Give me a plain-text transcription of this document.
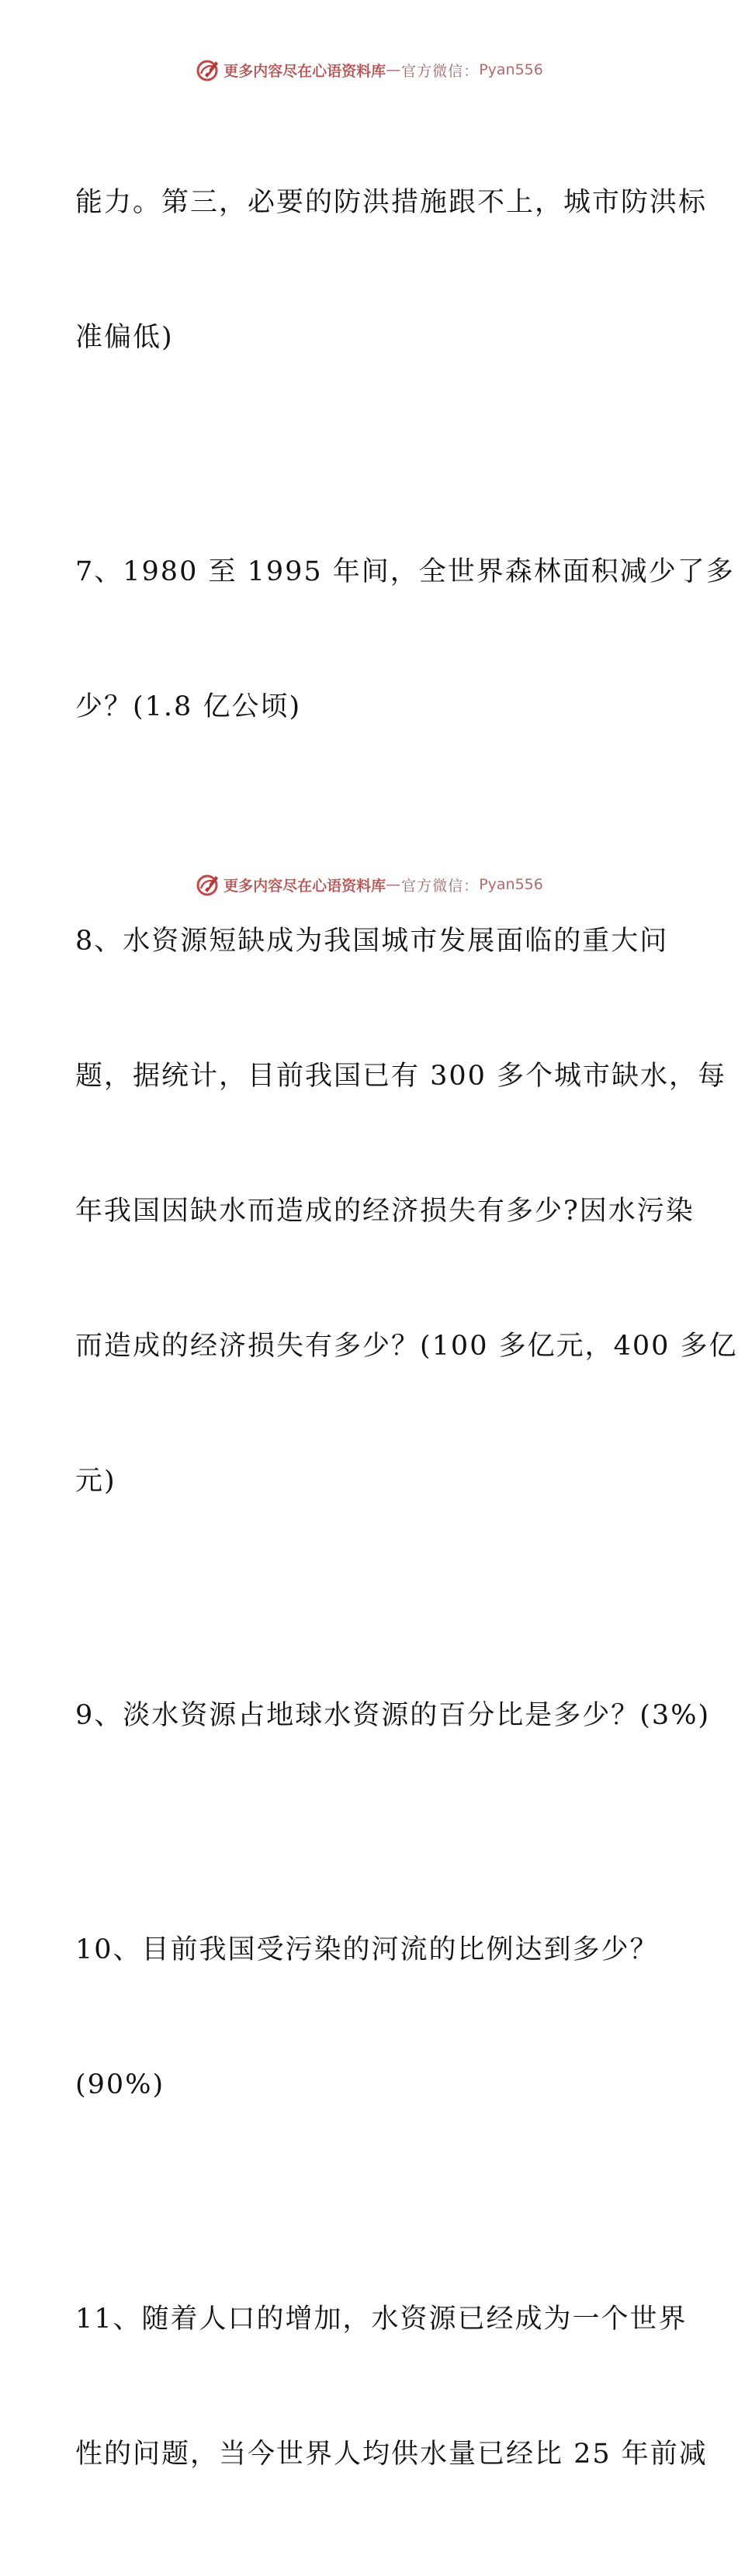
更多内容尽在心语资料库 — 官方微信： Pyan556

能力。第三，必要的防洪措施跟不上，城市防洪标

准偏低)

7、1980 至 1995 年间，全世界森林面积减少了多

少？(1.8 亿公顷)

8、水资源短缺成为我国城市发展面临的重大问

题，据统计，目前我国已有 300 多个城市缺水，每

年我国因缺水而造成的经济损失有多少?因水污染

而造成的经济损失有多少？(100 多亿元，400 多亿

元)

9、淡水资源占地球水资源的百分比是多少？(3%)

10、目前我国受污染的河流的比例达到多少？

(90%)

11、随着人口的增加，水资源已经成为一个世界

性的问题，当今世界人均供水量已经比 25 年前减

更多内容尽在心语资料库 — 官方微信： Pyan556
